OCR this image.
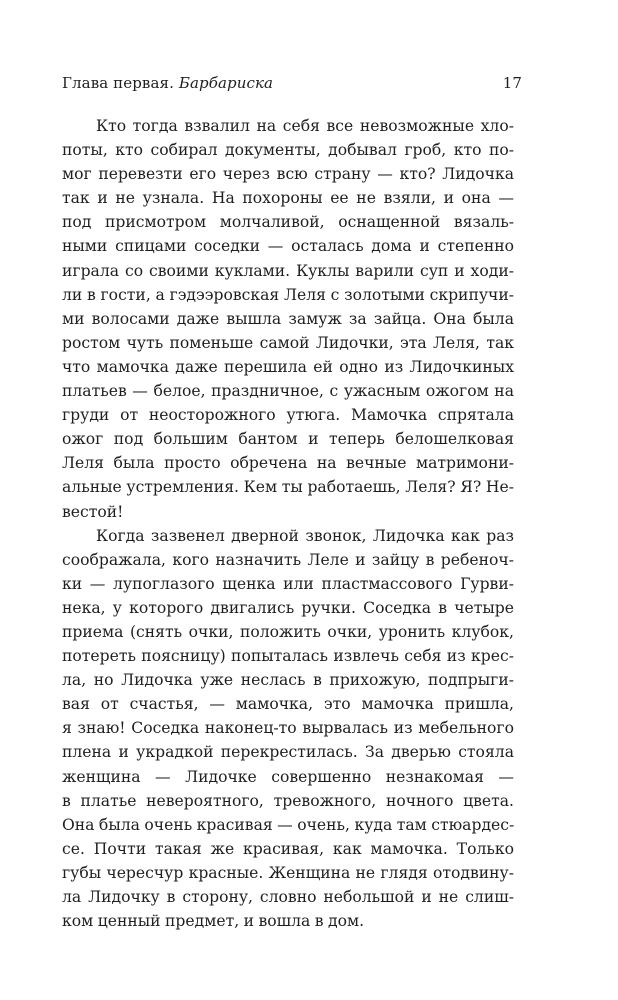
Глава первая. Барбариска	17
Кто тогда взвалил на себя все невозможные хло-
поты, кто собирал документы, добывал гроб, кто по-
мог перевезти его через всю страну — кто? Лидочка
так и не узнала. На похороны ее не взяли, и она —
под присмотром молчаливой, оснащенной вязаль-
ными спицами соседки — осталась дома и степенно
играла со своими куклами. Куклы варили суп и ходи-
ли в гости, а гэдээровская Леля с золотыми скрипучи-
ми волосами даже вышла замуж за зайца. Она была
ростом чуть поменьше самой Лидочки, эта Леля, так
что мамочка даже перешила ей одно из Лидочкиных
платьев — белое, праздничное, с ужасным ожогом на
груди от неосторожного утюга. Мамочка спрятала
ожог под большим бантом и теперь белошелковая
Леля была просто обречена на вечные матримони-
альные устремления. Кем ты работаешь, Леля? Я? Не-
вестой!
Когда зазвенел дверной звонок, Лидочка как раз
соображала, кого назначить Леле и зайцу в ребеноч-
ки — лупоглазого щенка или пластмассового Гурви-
нека, у которого двигались ручки. Соседка в четыре
приема (снять очки, положить очки, уронить клубок,
потереть поясницу) попыталась извлечь себя из крес-
ла, но Лидочка уже неслась в прихожую, подпрыги-
вая от счастья, — мамочка, это мамочка пришла,
я знаю! Соседка наконец-то вырвалась из мебельного
плена и украдкой перекрестилась. За дверью стояла
женщина — Лидочке совершенно незнакомая —
в платье невероятного, тревожного, ночного цвета.
Она была очень красивая — очень, куда там стюардес-
се. Почти такая же красивая, как мамочка. Только
губы чересчур красные. Женщина не глядя отодвину-
ла Лидочку в сторону, словно небольшой и не слиш-
ком ценный предмет, и вошла в дом.
